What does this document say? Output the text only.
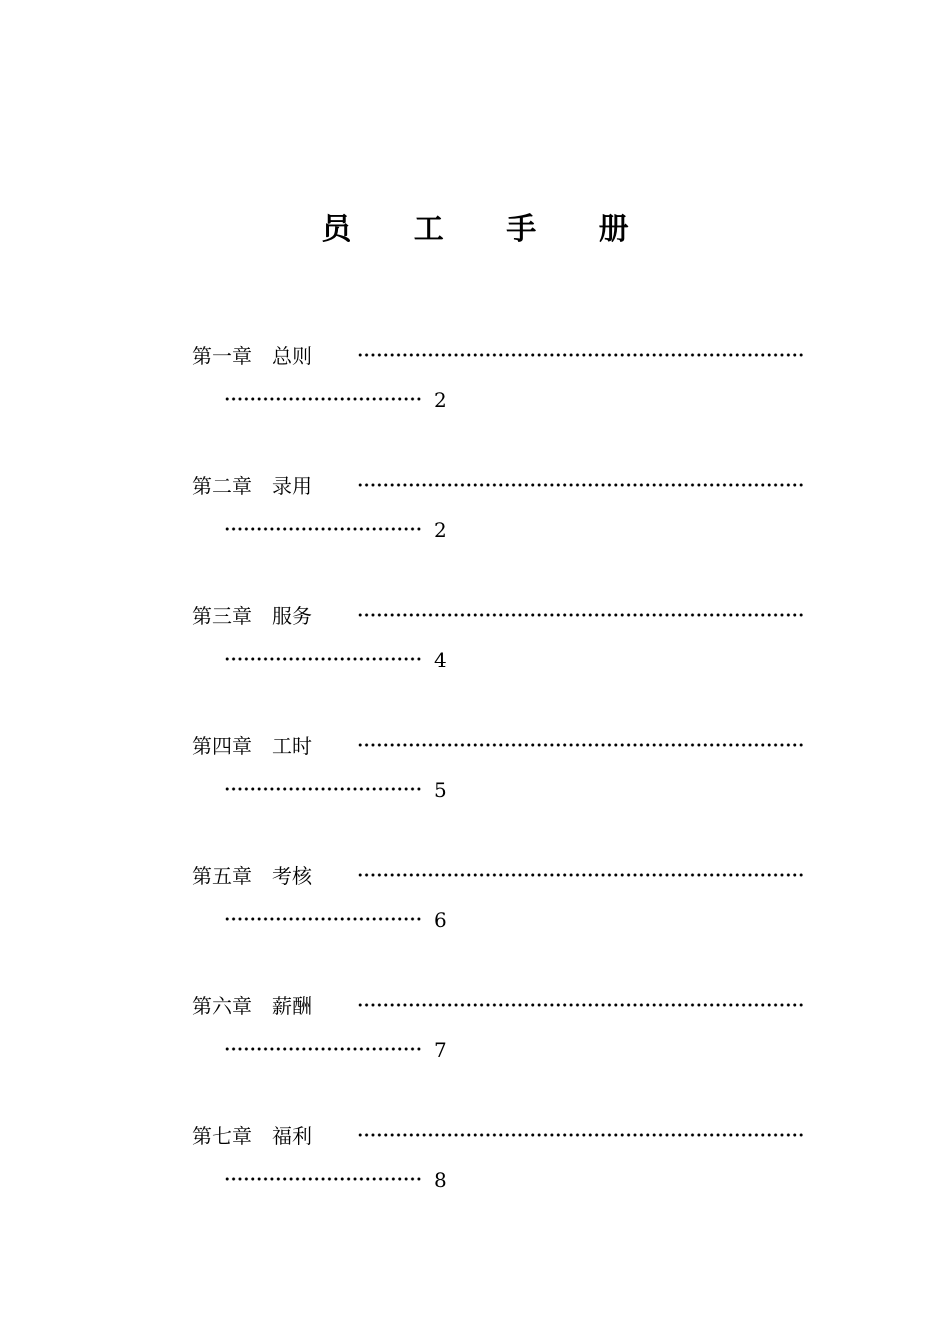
员 工 手 册
第一章 总则
2
第二章 录用
2
第三章 服务
4
第四章 工时
5
第五章 考核
6
第六章 薪酬
7
第七章 福利
8
